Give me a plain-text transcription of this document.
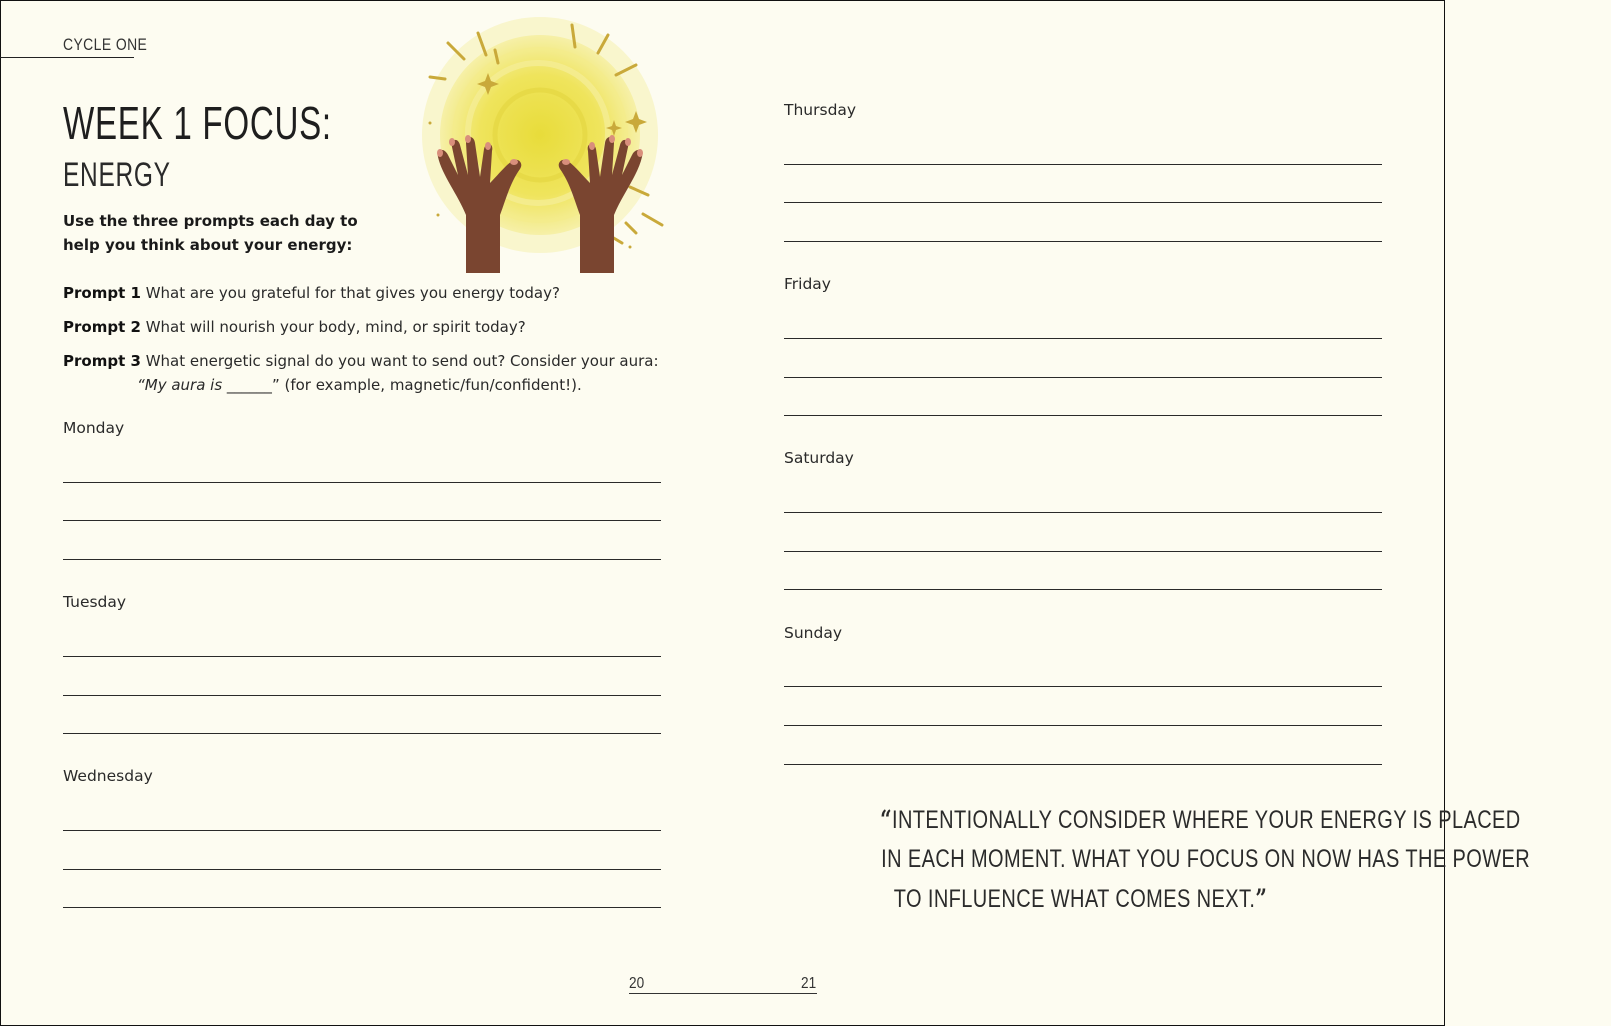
CYCLE ONE
WEEK 1 FOCUS:
ENERGY
Use the three prompts each day to help you think about your energy:
Prompt 1 What are you grateful for that gives you energy today?
Prompt 2 What will nourish your body, mind, or spirit today?
Prompt 3 What energetic signal do you want to send out? Consider your aura:
“My aura is ______” (for example, magnetic/fun/confident!).
Monday
Tuesday
Wednesday
Thursday
Friday
Saturday
Sunday
“INTENTIONALLY CONSIDER WHERE YOUR ENERGY IS PLACED
IN EACH MOMENT. WHAT YOU FOCUS ON NOW HAS THE POWER
TO INFLUENCE WHAT COMES NEXT.”
20	21
